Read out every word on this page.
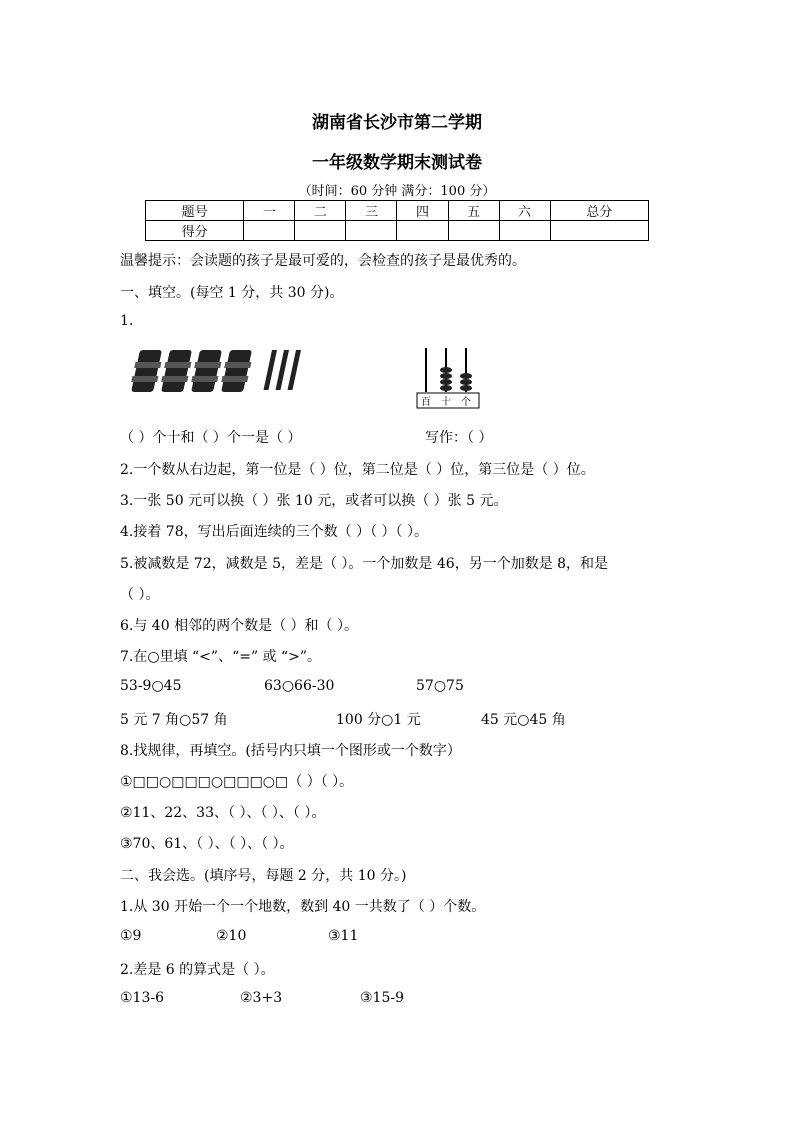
湖南省长沙市第二学期
一年级数学期末测试卷
（时间：60 分钟 满分：100 分）
题号	一	二	三	四	五	六	总分
得分							
温馨提示：会读题的孩子是最可爱的，会检查的孩子是最优秀的。
一、填空。(每空 1 分，共 30 分)。
1.
百 十 个
（ ）个十和（ ）个一是（ ）	写作：（ ）
2.一个数从右边起，第一位是（ ）位，第二位是（ ）位，第三位是（ ）位。
3.一张 50 元可以换（ ）张 10 元，或者可以换（ ）张 5 元。
4.接着 78，写出后面连续的三个数（ ）（ ）（ ）。
5.被减数是 72，减数是 5，差是（ ）。一个加数是 46，另一个加数是 8，和是
（ ）。
6.与 40 相邻的两个数是（ ）和（ ）。
7.在○里填 “<”、“=” 或 “>”。
53-9○45	63○66-30	57○75
5 元 7 角○57 角	100 分○1 元	45 元○45 角
8.找规律，再填空。(括号内只填一个图形或一个数字）
①□□○□□□○□□□○□（ ）（ ）。
②11、22、33、（ ）、（ ）、（ ）。
③70、61、（ ）、（ ）、（ ）。
二、我会选。(填序号，每题 2 分，共 10 分。)
1.从 30 开始一个一个地数，数到 40 一共数了（ ）个数。
①9	②10	③11
2.差是 6 的算式是（ ）。
①13-6	②3+3	③15-9
